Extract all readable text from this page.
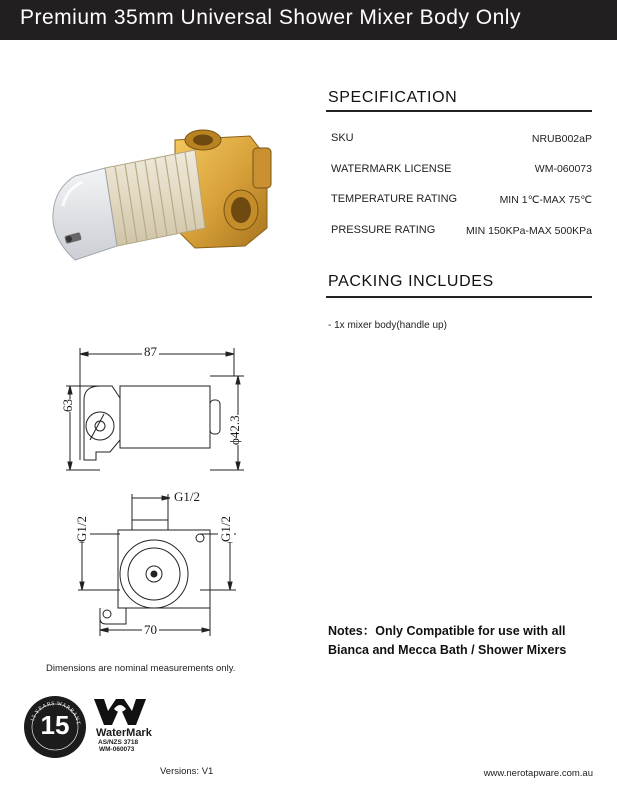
Premium 35mm Universal Shower Mixer Body Only
SPECIFICATION
SKU	NRUB002aP
WATERMARK LICENSE	WM-060073
TEMPERATURE RATING	MIN 1℃-MAX 75℃
PRESSURE RATING	MIN 150KPa-MAX 500KPa
PACKING INCLUDES
- 1x mixer body(handle up)
87
63
ϕ42.3
G1/2
G1/2	G1/2
70	Notes：Only Compatible for use with all
Bianca and Mecca Bath / Shower Mixers
Dimensions are nominal measurements only.
15 YEARS WARRANT
15	WaterMark
AS/NZS 3718
WM-060073
Versions: V1	www.nerotapware.com.au
